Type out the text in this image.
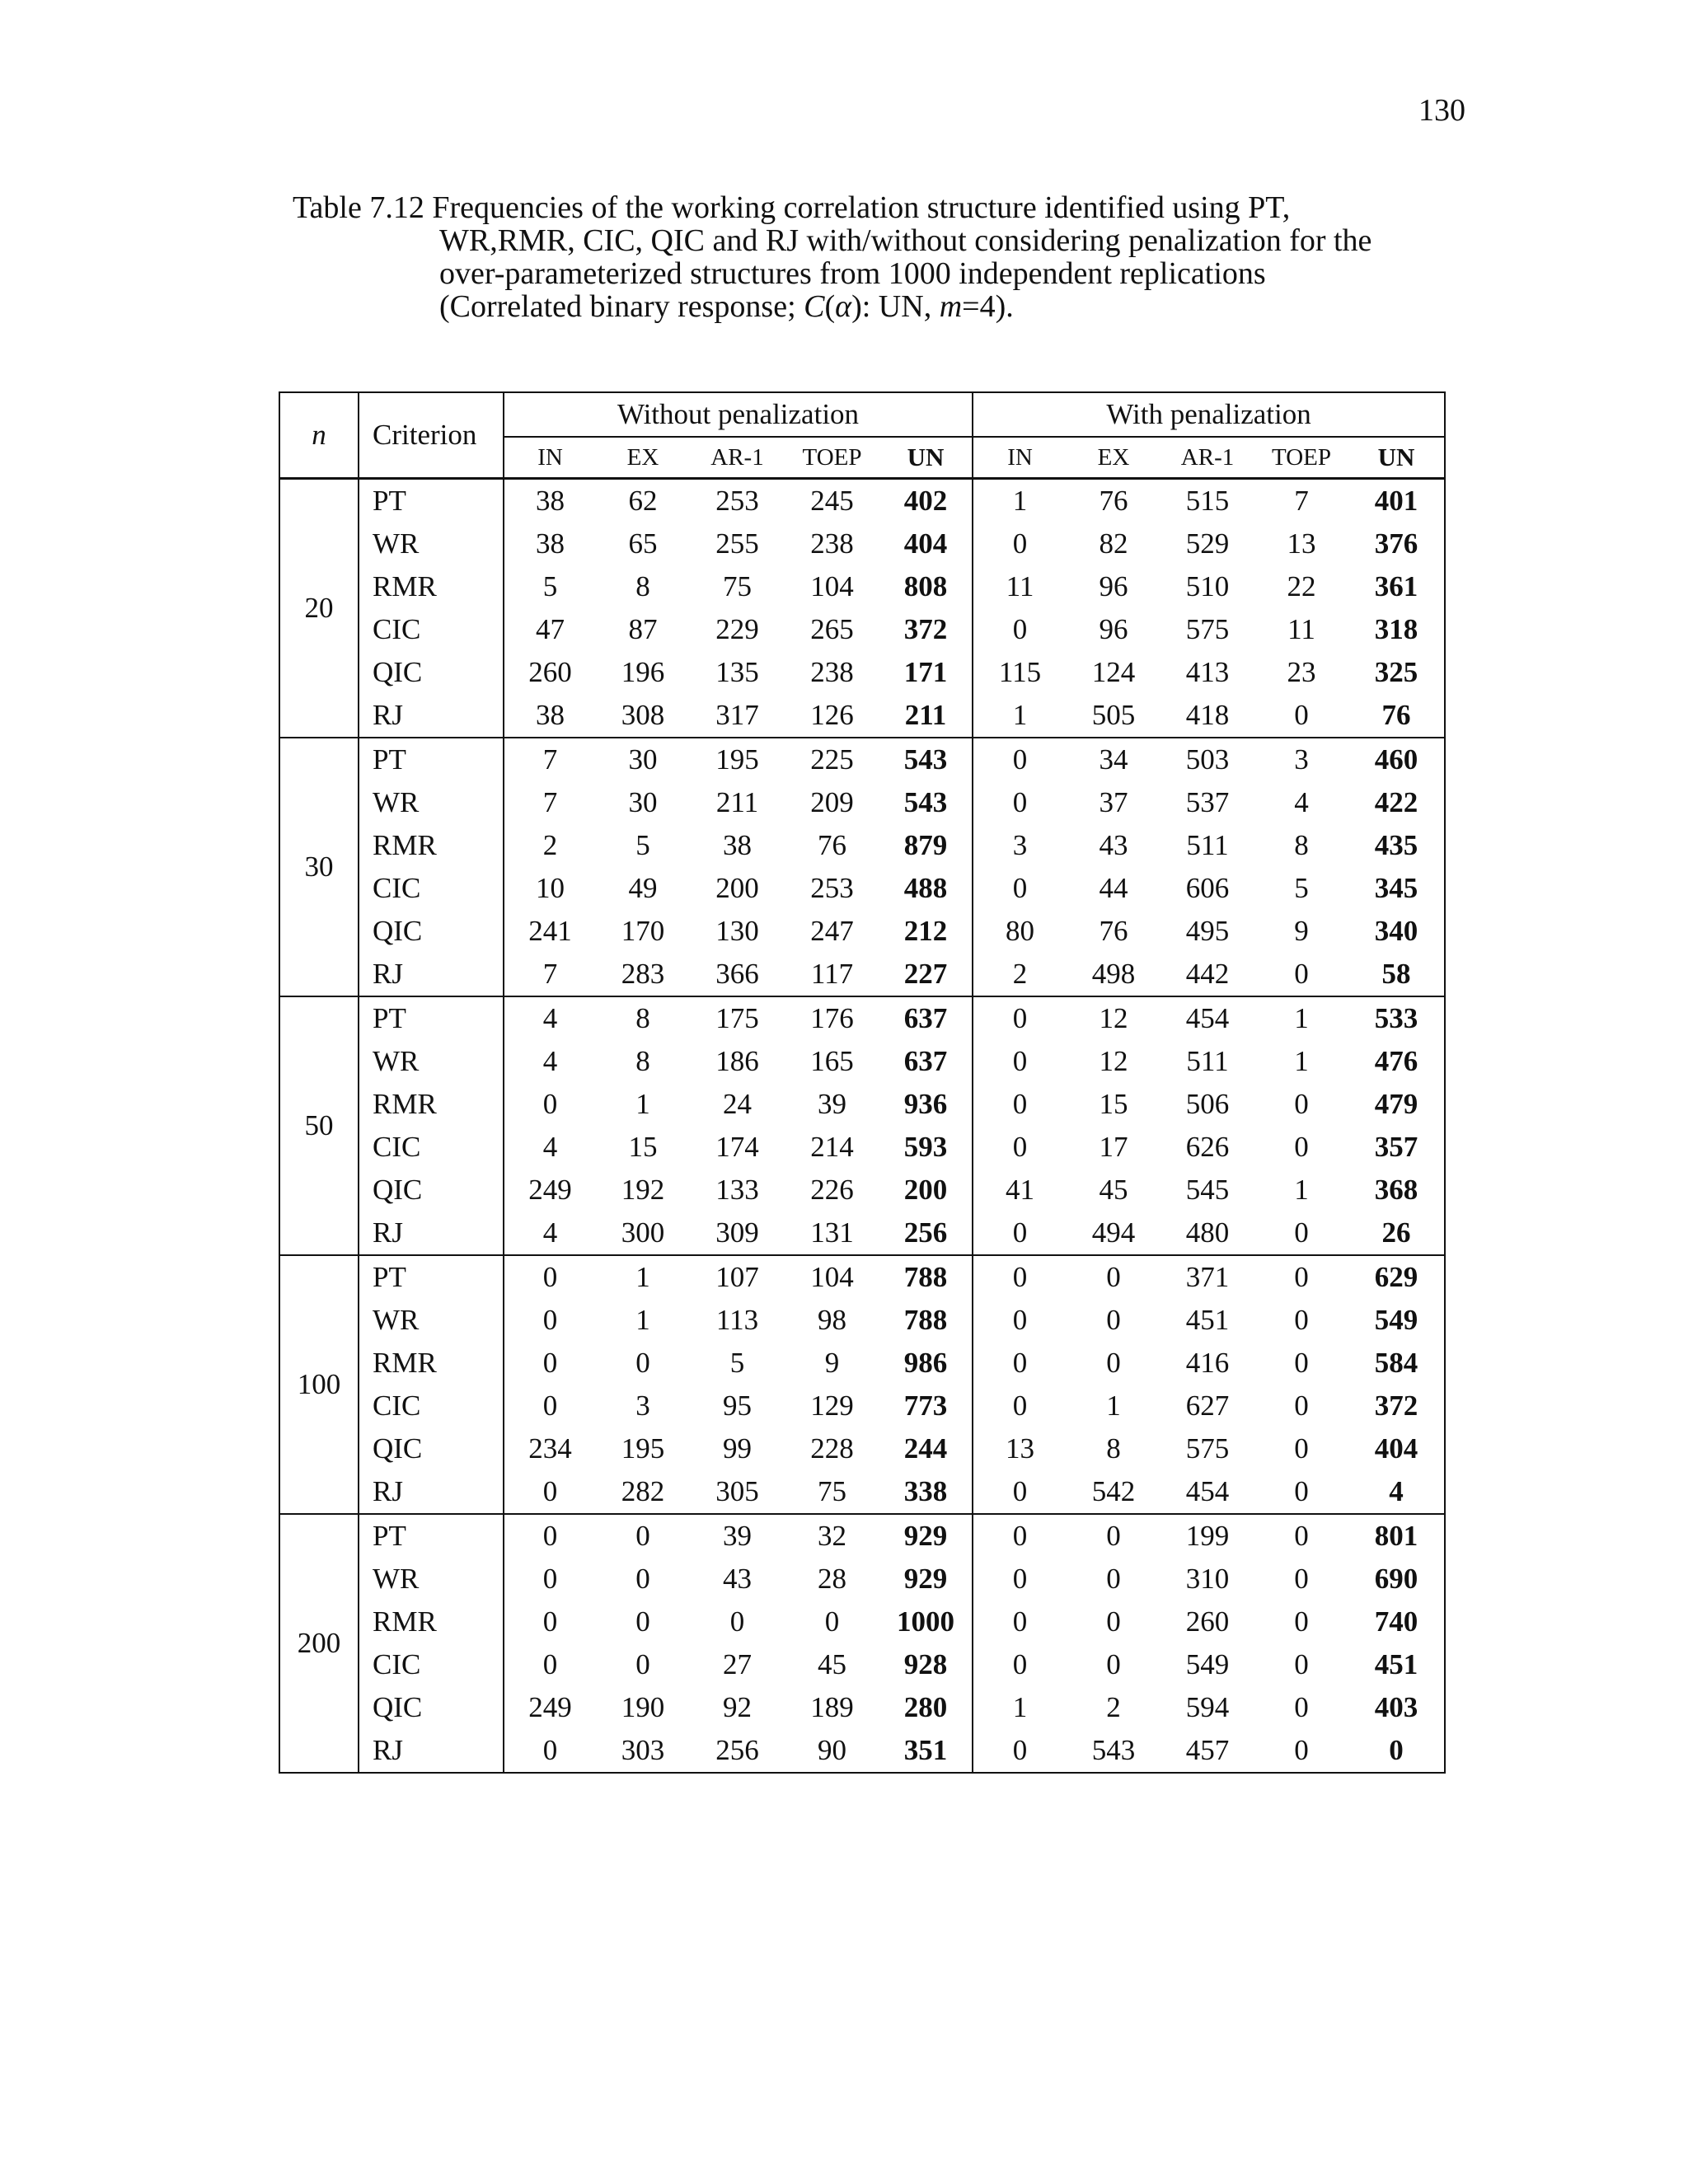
130
Table 7.12 Frequencies of the working correlation structure identified using PT,
WR,RMR, CIC, QIC and RJ with/without considering penalization for the
over-parameterized structures from 1000 independent replications
(Correlated binary response; C(α): UN, m=4).
n	Criterion	Without penalization					With penalization				
		IN	EX	AR-1	TOEP	UN	IN	EX	AR-1	TOEP	UN
20	PT	38	62	253	245	402	1	76	515	7	401
	WR	38	65	255	238	404	0	82	529	13	376
	RMR	5	8	75	104	808	11	96	510	22	361
	CIC	47	87	229	265	372	0	96	575	11	318
	QIC	260	196	135	238	171	115	124	413	23	325
	RJ	38	308	317	126	211	1	505	418	0	76
30	PT	7	30	195	225	543	0	34	503	3	460
	WR	7	30	211	209	543	0	37	537	4	422
	RMR	2	5	38	76	879	3	43	511	8	435
	CIC	10	49	200	253	488	0	44	606	5	345
	QIC	241	170	130	247	212	80	76	495	9	340
	RJ	7	283	366	117	227	2	498	442	0	58
50	PT	4	8	175	176	637	0	12	454	1	533
	WR	4	8	186	165	637	0	12	511	1	476
	RMR	0	1	24	39	936	0	15	506	0	479
	CIC	4	15	174	214	593	0	17	626	0	357
	QIC	249	192	133	226	200	41	45	545	1	368
	RJ	4	300	309	131	256	0	494	480	0	26
100	PT	0	1	107	104	788	0	0	371	0	629
	WR	0	1	113	98	788	0	0	451	0	549
	RMR	0	0	5	9	986	0	0	416	0	584
	CIC	0	3	95	129	773	0	1	627	0	372
	QIC	234	195	99	228	244	13	8	575	0	404
	RJ	0	282	305	75	338	0	542	454	0	4
200	PT	0	0	39	32	929	0	0	199	0	801
	WR	0	0	43	28	929	0	0	310	0	690
	RMR	0	0	0	0	1000	0	0	260	0	740
	CIC	0	0	27	45	928	0	0	549	0	451
	QIC	249	190	92	189	280	1	2	594	0	403
	RJ	0	303	256	90	351	0	543	457	0	0
